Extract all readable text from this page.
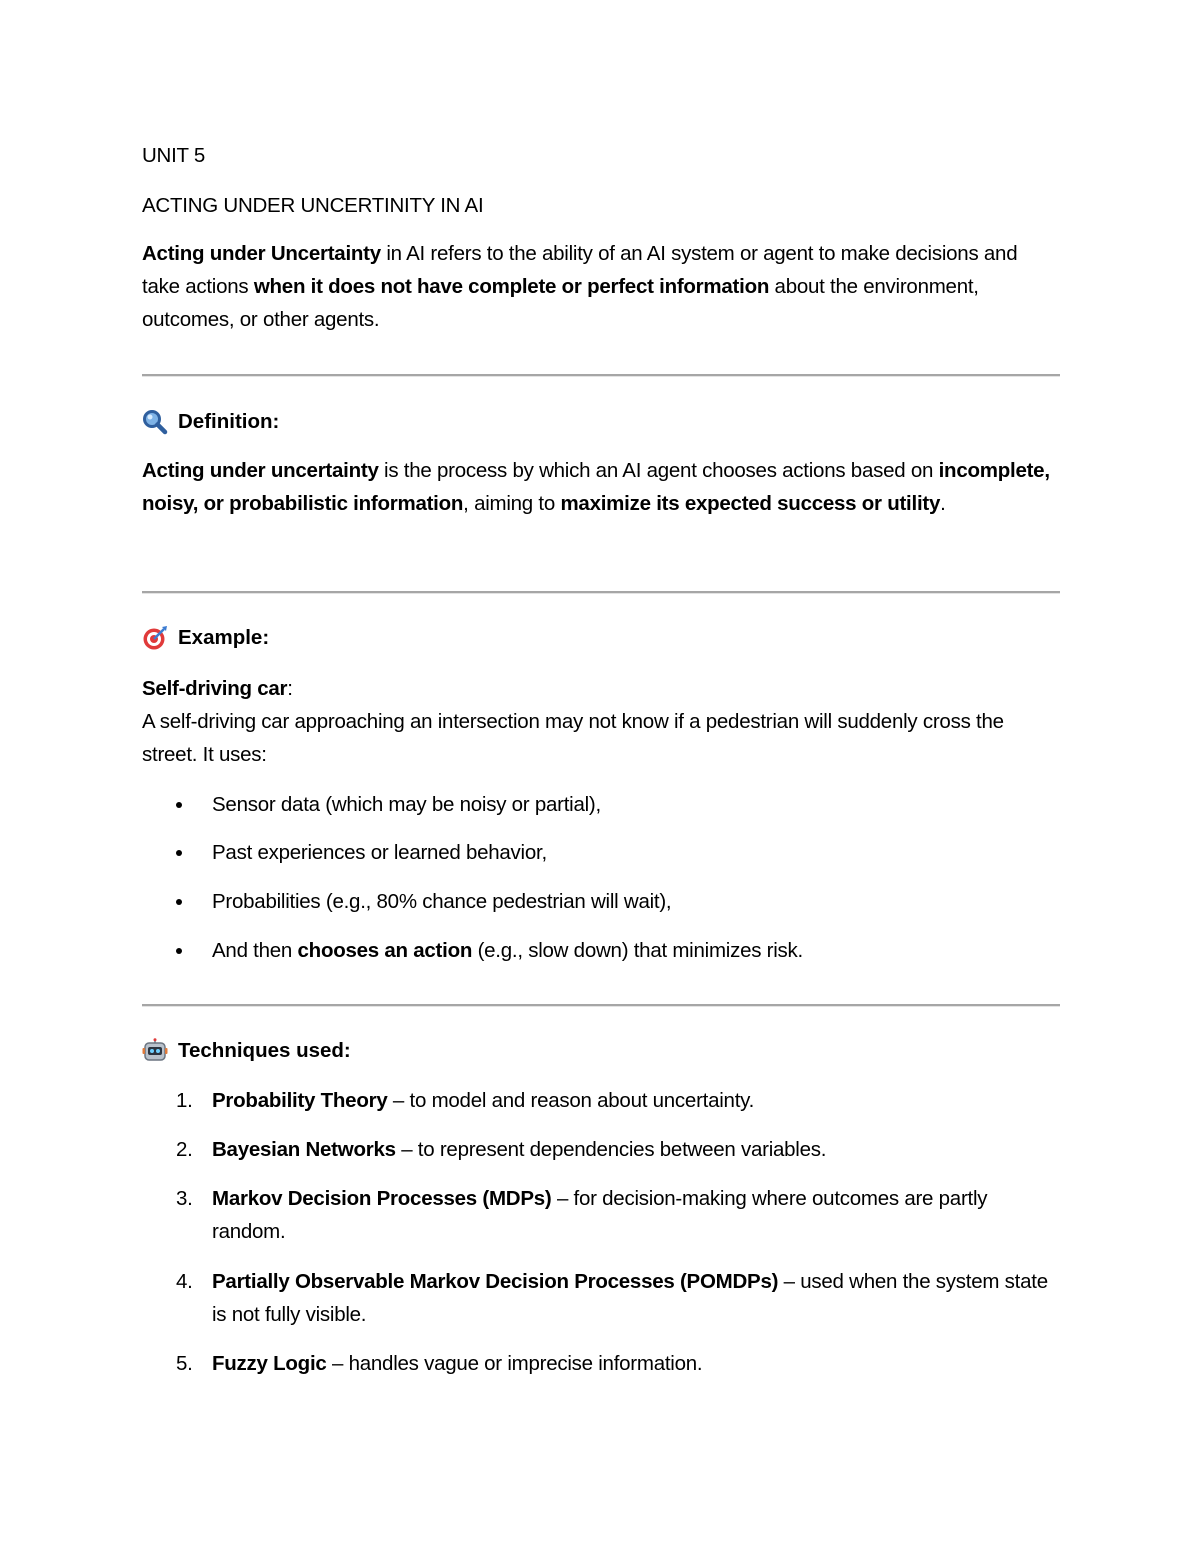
UNIT 5
ACTING UNDER UNCERTINITY IN AI

Acting under Uncertainty in AI refers to the ability of an AI system or agent to make decisions and take actions when it does not have complete or perfect information about the environment, outcomes, or other agents.

Definition:

Acting under uncertainty is the process by which an AI agent chooses actions based on incomplete, noisy, or probabilistic information, aiming to maximize its expected success or utility.

Example:

Self-driving car:

A self-driving car approaching an intersection may not know if a pedestrian will suddenly cross the street. It uses:

Sensor data (which may be noisy or partial),
Past experiences or learned behavior,
Probabilities (e.g., 80% chance pedestrian will wait),
And then chooses an action (e.g., slow down) that minimizes risk.
Techniques used:
1. Probability Theory – to model and reason about uncertainty.
2. Bayesian Networks – to represent dependencies between variables.
3. Markov Decision Processes (MDPs) – for decision-making where outcomes are partly random.
4. Partially Observable Markov Decision Processes (POMDPs) – used when the system state is not fully visible.
5. Fuzzy Logic – handles vague or imprecise information.
